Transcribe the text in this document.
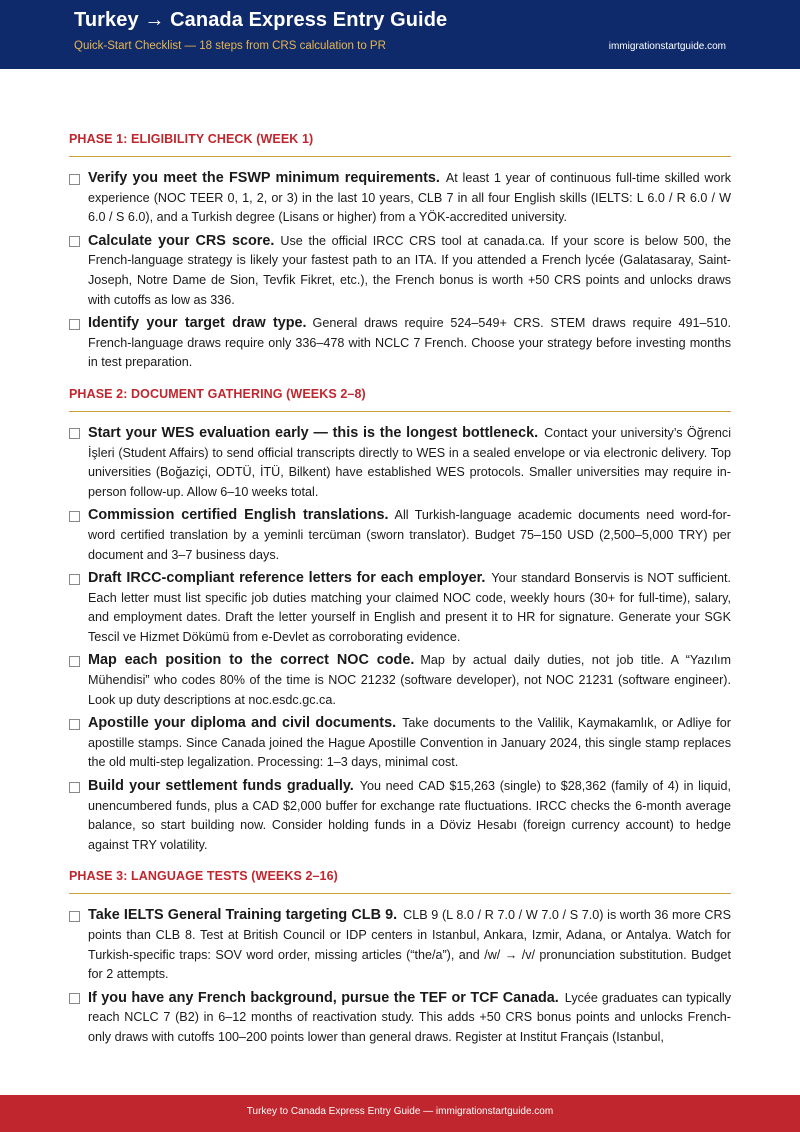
Turkey → Canada Express Entry Guide
Quick-Start Checklist — 18 steps from CRS calculation to PR	immigrationstartguide.com
PHASE 1: ELIGIBILITY CHECK (WEEK 1)
Verify you meet the FSWP minimum requirements. At least 1 year of continuous full-time skilled work experience (NOC TEER 0, 1, 2, or 3) in the last 10 years, CLB 7 in all four English skills (IELTS: L 6.0 / R 6.0 / W 6.0 / S 6.0), and a Turkish degree (Lisans or higher) from a YÖK-accredited university.
Calculate your CRS score. Use the official IRCC CRS tool at canada.ca. If your score is below 500, the French-language strategy is likely your fastest path to an ITA. If you attended a French lycée (Galatasaray, Saint-Joseph, Notre Dame de Sion, Tevfik Fikret, etc.), the French bonus is worth +50 CRS points and unlocks draws with cutoffs as low as 336.
Identify your target draw type. General draws require 524–549+ CRS. STEM draws require 491–510. French-language draws require only 336–478 with NCLC 7 French. Choose your strategy before investing months in test preparation.
PHASE 2: DOCUMENT GATHERING (WEEKS 2–8)
Start your WES evaluation early — this is the longest bottleneck. Contact your university’s Öğrenci İşleri (Student Affairs) to send official transcripts directly to WES in a sealed envelope or via electronic delivery. Top universities (Boğaziçi, ODTÜ, İTÜ, Bilkent) have established WES protocols. Smaller universities may require in-person follow-up. Allow 6–10 weeks total.
Commission certified English translations. All Turkish-language academic documents need word-for-word certified translation by a yeminli tercüman (sworn translator). Budget 75–150 USD (2,500–5,000 TRY) per document and 3–7 business days.
Draft IRCC-compliant reference letters for each employer. Your standard Bonservis is NOT sufficient. Each letter must list specific job duties matching your claimed NOC code, weekly hours (30+ for full-time), salary, and employment dates. Draft the letter yourself in English and present it to HR for signature. Generate your SGK Tescil ve Hizmet Dökümü from e-Devlet as corroborating evidence.
Map each position to the correct NOC code. Map by actual daily duties, not job title. A “Yazılım Mühendisi” who codes 80% of the time is NOC 21232 (software developer), not NOC 21231 (software engineer). Look up duty descriptions at noc.esdc.gc.ca.
Apostille your diploma and civil documents. Take documents to the Valilik, Kaymakamlık, or Adliye for apostille stamps. Since Canada joined the Hague Apostille Convention in January 2024, this single stamp replaces the old multi-step legalization. Processing: 1–3 days, minimal cost.
Build your settlement funds gradually. You need CAD $15,263 (single) to $28,362 (family of 4) in liquid, unencumbered funds, plus a CAD $2,000 buffer for exchange rate fluctuations. IRCC checks the 6-month average balance, so start building now. Consider holding funds in a Döviz Hesabı (foreign currency account) to hedge against TRY volatility.
PHASE 3: LANGUAGE TESTS (WEEKS 2–16)
Take IELTS General Training targeting CLB 9. CLB 9 (L 8.0 / R 7.0 / W 7.0 / S 7.0) is worth 36 more CRS points than CLB 8. Test at British Council or IDP centers in Istanbul, Ankara, Izmir, Adana, or Antalya. Watch for Turkish-specific traps: SOV word order, missing articles (“the/a”), and /w/ → /v/ pronunciation substitution. Budget for 2 attempts.
If you have any French background, pursue the TEF or TCF Canada. Lycée graduates can typically reach NCLC 7 (B2) in 6–12 months of reactivation study. This adds +50 CRS bonus points and unlocks French-only draws with cutoffs 100–200 points lower than general draws. Register at Institut Français (Istanbul,
Turkey to Canada Express Entry Guide — immigrationstartguide.com
